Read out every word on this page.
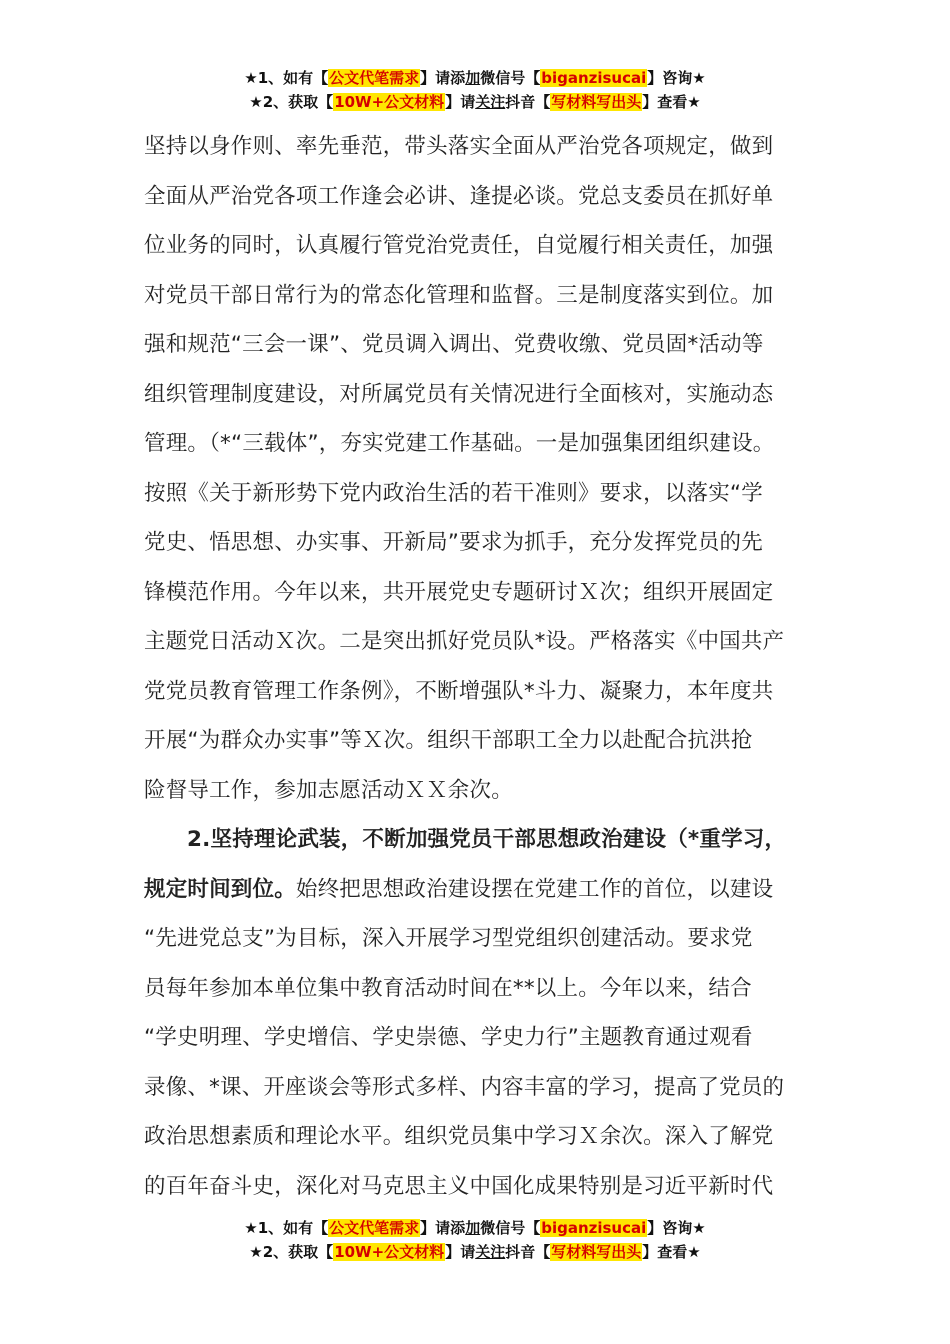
★1、如有【公文代笔需求】请添加微信号【biganzisucai】咨询★
★2、获取【10W+公文材料】请关注抖音【写材料写出头】查看★
坚持以身作则、率先垂范，带头落实全面从严治党各项规定，做到
全面从严治党各项工作逢会必讲、逢提必谈。党总支委员在抓好单
位业务的同时，认真履行管党治党责任，自觉履行相关责任，加强
对党员干部日常行为的常态化管理和监督。三是制度落实到位。加
强和规范“三会一课”、党员调入调出、党费收缴、党员固*活动等
组织管理制度建设，对所属党员有关情况进行全面核对，实施动态
管理。（*“三载体”，夯实党建工作基础。一是加强集团组织建设。
按照《关于新形势下党内政治生活的若干准则》要求，以落实“学
党史、悟思想、办实事、开新局”要求为抓手，充分发挥党员的先
锋模范作用。今年以来，共开展党史专题研讨Ｘ次；组织开展固定
主题党日活动Ｘ次。二是突出抓好党员队*设。严格落实《中国共产
党党员教育管理工作条例》，不断增强队*斗力、凝聚力，本年度共
开展“为群众办实事”等Ｘ次。组织干部职工全力以赴配合抗洪抢
险督导工作，参加志愿活动ＸＸ余次。
2.坚持理论武装，不断加强党员干部思想政治建设（*重学习，
规定时间到位。始终把思想政治建设摆在党建工作的首位，以建设
“先进党总支”为目标，深入开展学习型党组织创建活动。要求党
员每年参加本单位集中教育活动时间在**以上。今年以来，结合
“学史明理、学史增信、学史崇德、学史力行”主题教育通过观看
录像、*课、开座谈会等形式多样、内容丰富的学习，提高了党员的
政治思想素质和理论水平。组织党员集中学习Ｘ余次。深入了解党
的百年奋斗史，深化对马克思主义中国化成果特别是习近平新时代
★1、如有【公文代笔需求】请添加微信号【biganzisucai】咨询★
★2、获取【10W+公文材料】请关注抖音【写材料写出头】查看★
